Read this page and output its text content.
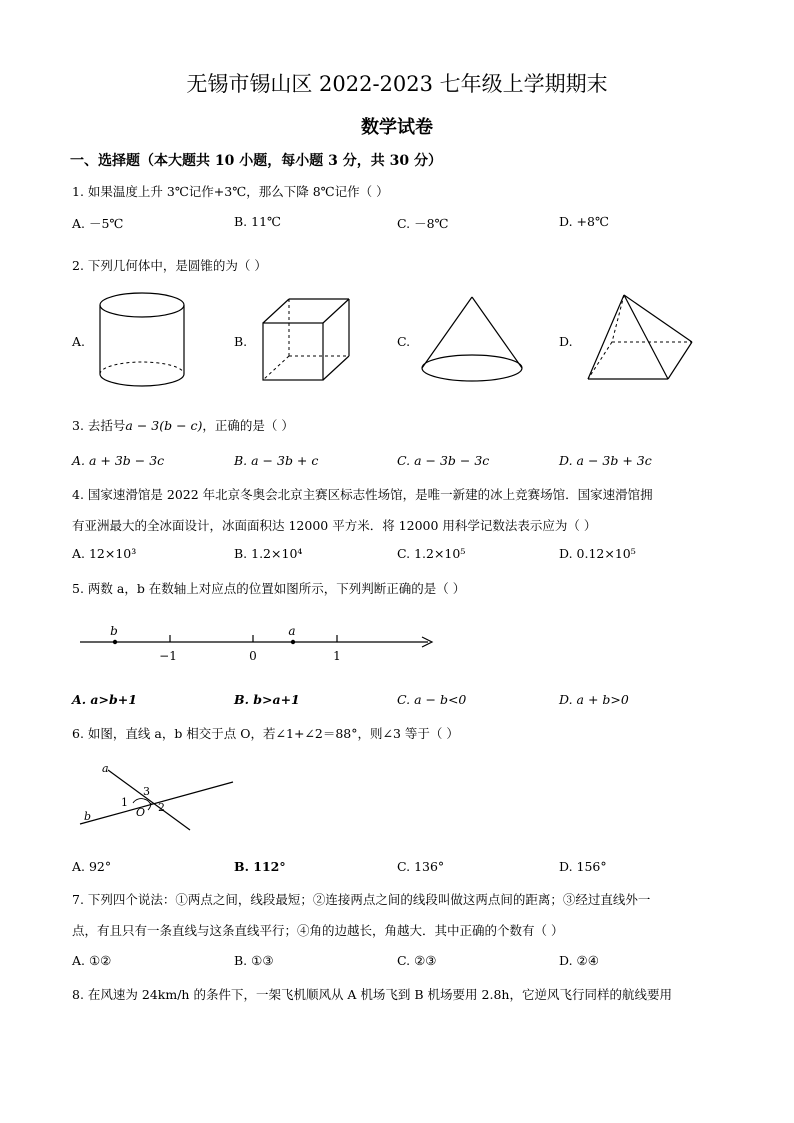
无锡市锡山区 2022-2023 七年级上学期期末
数学试卷
一、选择题（本大题共 10 小题，每小题 3 分，共 30 分）
1. 如果温度上升 3℃记作+3℃，那么下降 8℃记作（ ）
A. －5℃	B. 11℃	C. －8℃	D. +8℃
2. 下列几何体中，是圆锥的为（ ）
A.	B.	C.	D.
3. 去括号a − 3(b − c)，正确的是（ ）
A. a + 3b − 3c	B. a − 3b + c	C. a − 3b − 3c	D. a − 3b + 3c
4. 国家速滑馆是 2022 年北京冬奥会北京主赛区标志性场馆，是唯一新建的冰上竞赛场馆．国家速滑馆拥
有亚洲最大的全冰面设计，冰面面积达 12000 平方米．将 12000 用科学记数法表示应为（ ）
A. 12×10³	B. 1.2×10⁴	C. 1.2×10⁵	D. 0.12×10⁵
5. 两数 a，b 在数轴上对应点的位置如图所示，下列判断正确的是（ ）
b	a
−1	0	1
A. a>b+1	B. b>a+1	C. a − b<0	D. a + b>0
6. 如图，直线 a，b 相交于点 O，若∠1+∠2＝88°，则∠3 等于（ ）
a
b	O
1	2
3
A. 92°	B. 112°	C. 136°	D. 156°
7. 下列四个说法：①两点之间，线段最短；②连接两点之间的线段叫做这两点间的距离；③经过直线外一
点，有且只有一条直线与这条直线平行；④角的边越长，角越大．其中正确的个数有（ ）
A. ①②	B. ①③	C. ②③	D. ②④
8. 在风速为 24km/h 的条件下，一架飞机顺风从 A 机场飞到 B 机场要用 2.8h，它逆风飞行同样的航线要用
